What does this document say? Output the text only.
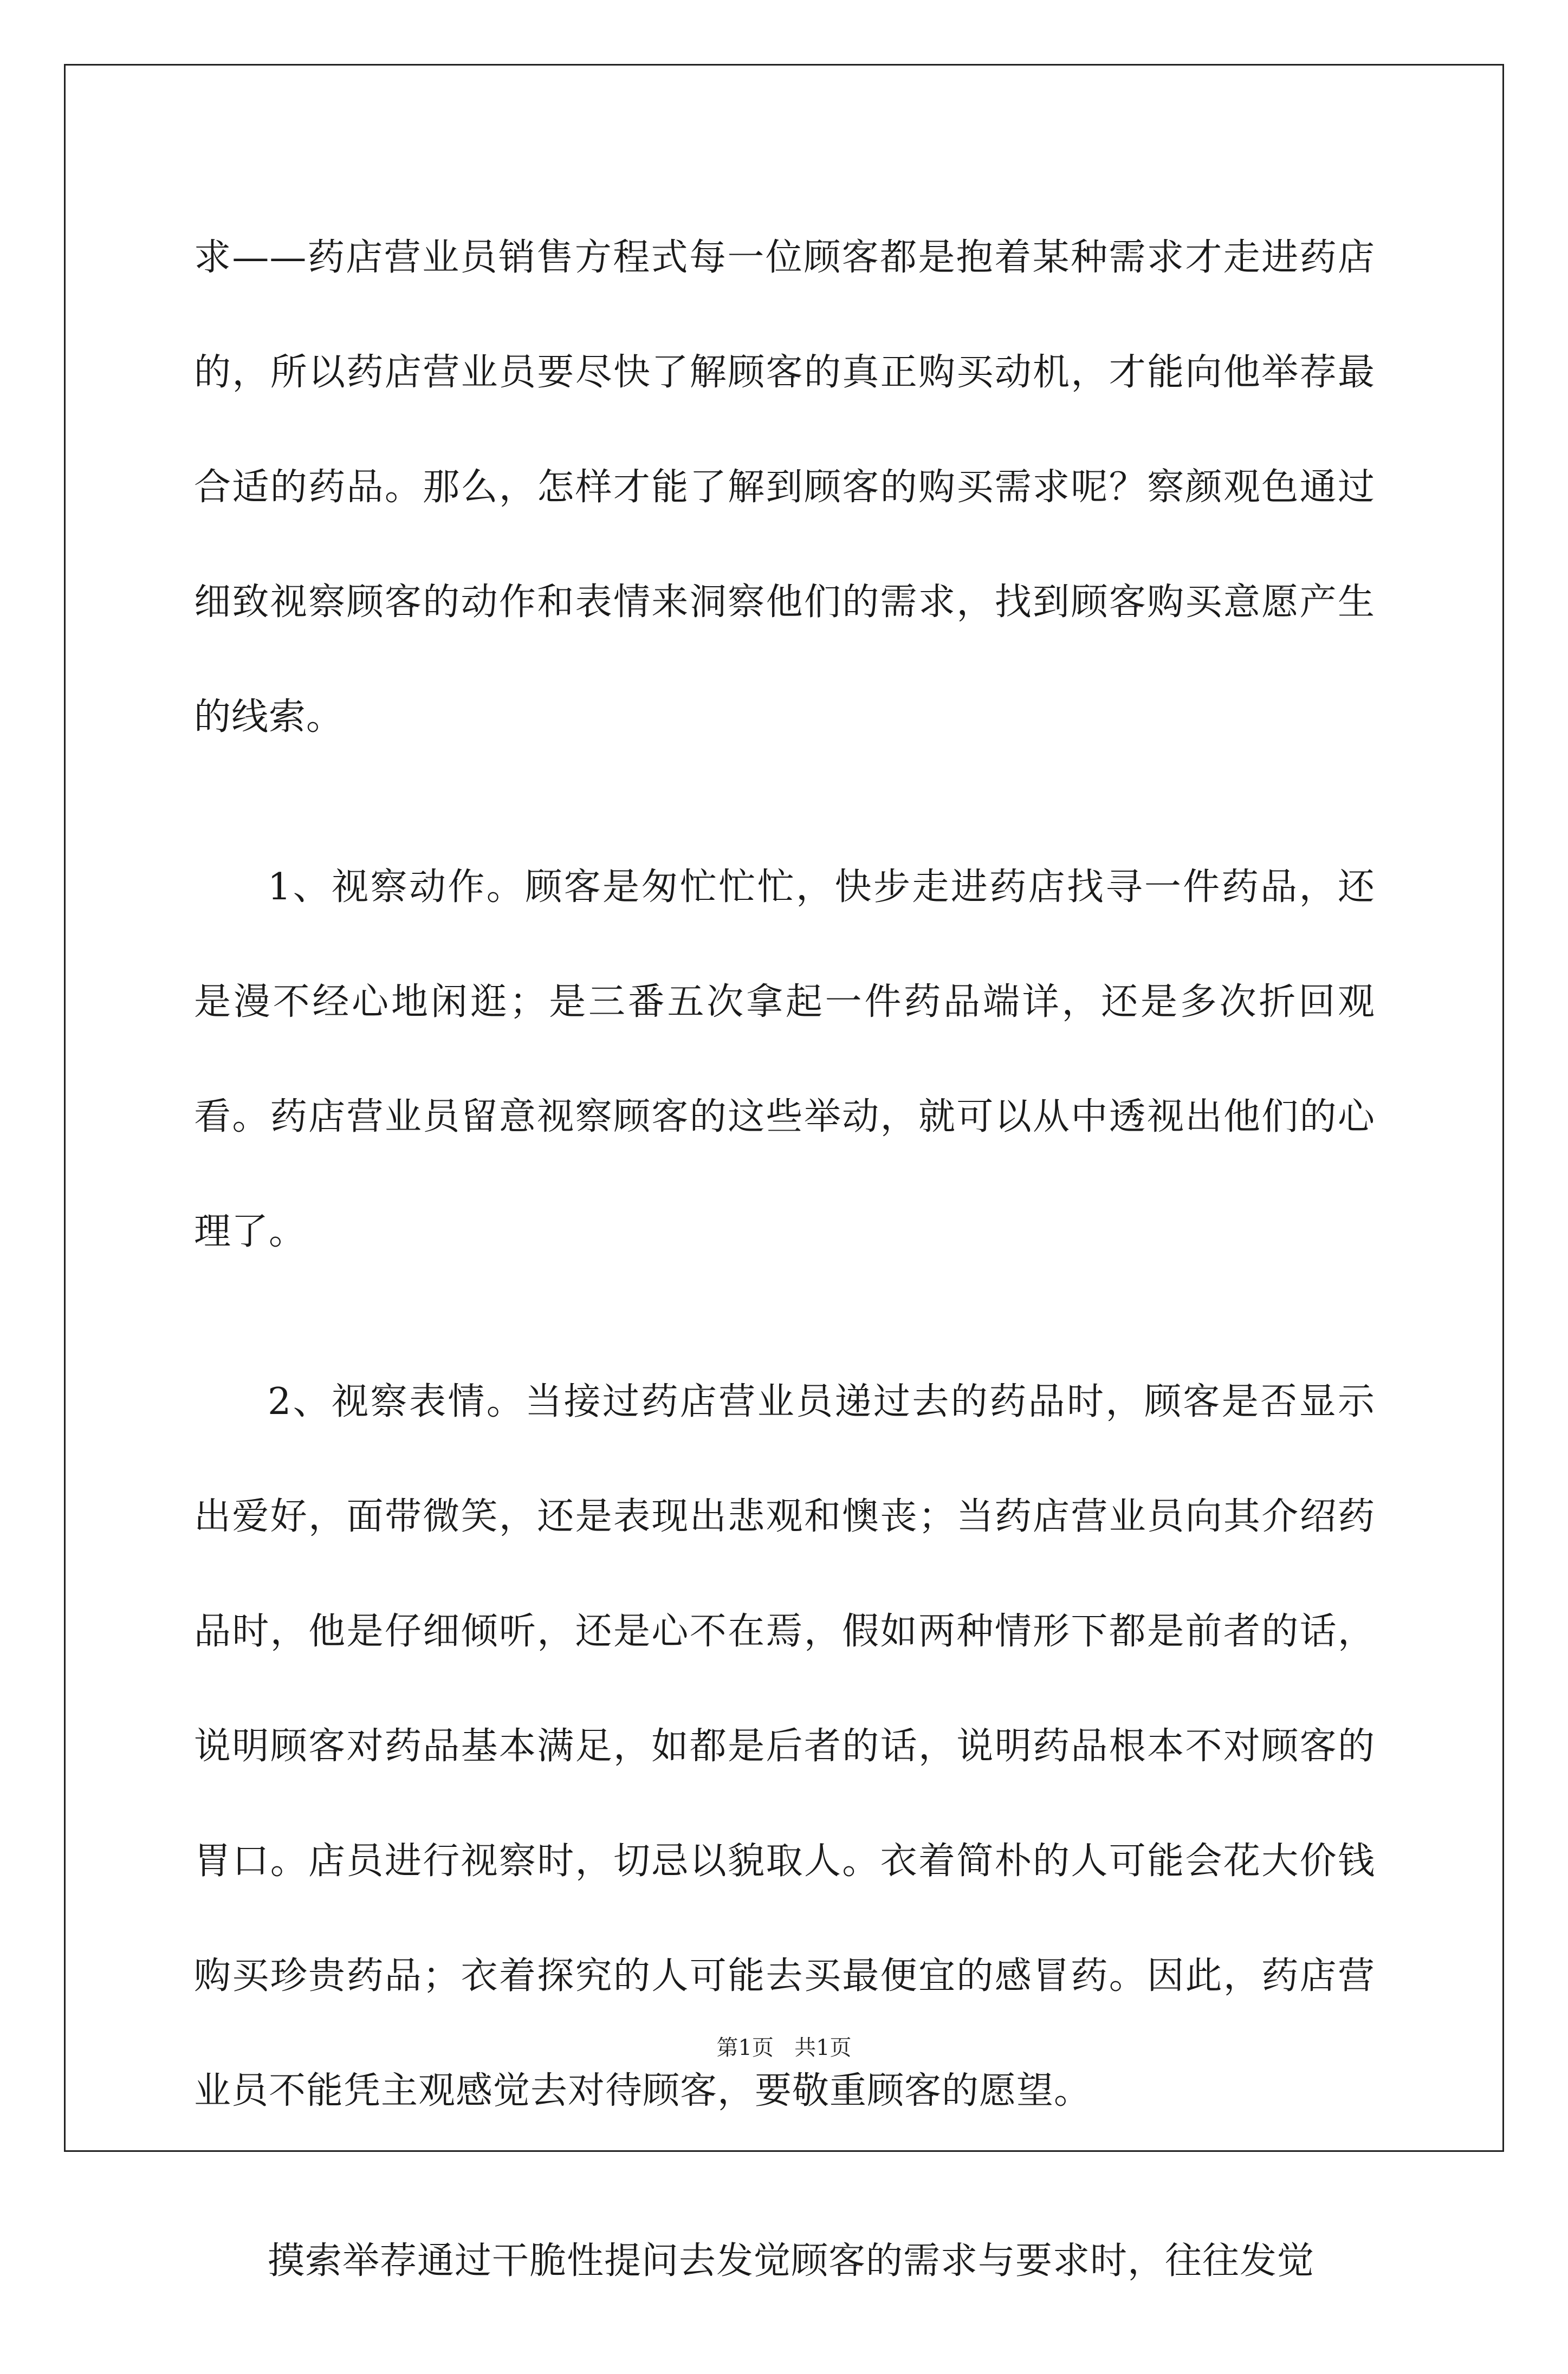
求——药店营业员销售方程式每一位顾客都是抱着某种需求才走进药店的，所以药店营业员要尽快了解顾客的真正购买动机，才能向他举荐最合适的药品。那么，怎样才能了解到顾客的购买需求呢？察颜观色通过细致视察顾客的动作和表情来洞察他们的需求，找到顾客购买意愿产生的线索。

1、视察动作。顾客是匆忙忙忙，快步走进药店找寻一件药品，还是漫不经心地闲逛；是三番五次拿起一件药品端详，还是多次折回观看。药店营业员留意视察顾客的这些举动，就可以从中透视出他们的心理了。

2、视察表情。当接过药店营业员递过去的药品时，顾客是否显示出爱好，面带微笑，还是表现出悲观和懊丧；当药店营业员向其介绍药品时，他是仔细倾听，还是心不在焉，假如两种情形下都是前者的话，说明顾客对药品基本满足，如都是后者的话，说明药品根本不对顾客的胃口。店员进行视察时，切忌以貌取人。衣着简朴的人可能会花大价钱购买珍贵药品；衣着探究的人可能去买最便宜的感冒药。因此，药店营业员不能凭主观感觉去对待顾客，要敬重顾客的愿望。

摸索举荐通过干脆性提问去发觉顾客的需求与要求时，往往发觉

第1页 共1页
